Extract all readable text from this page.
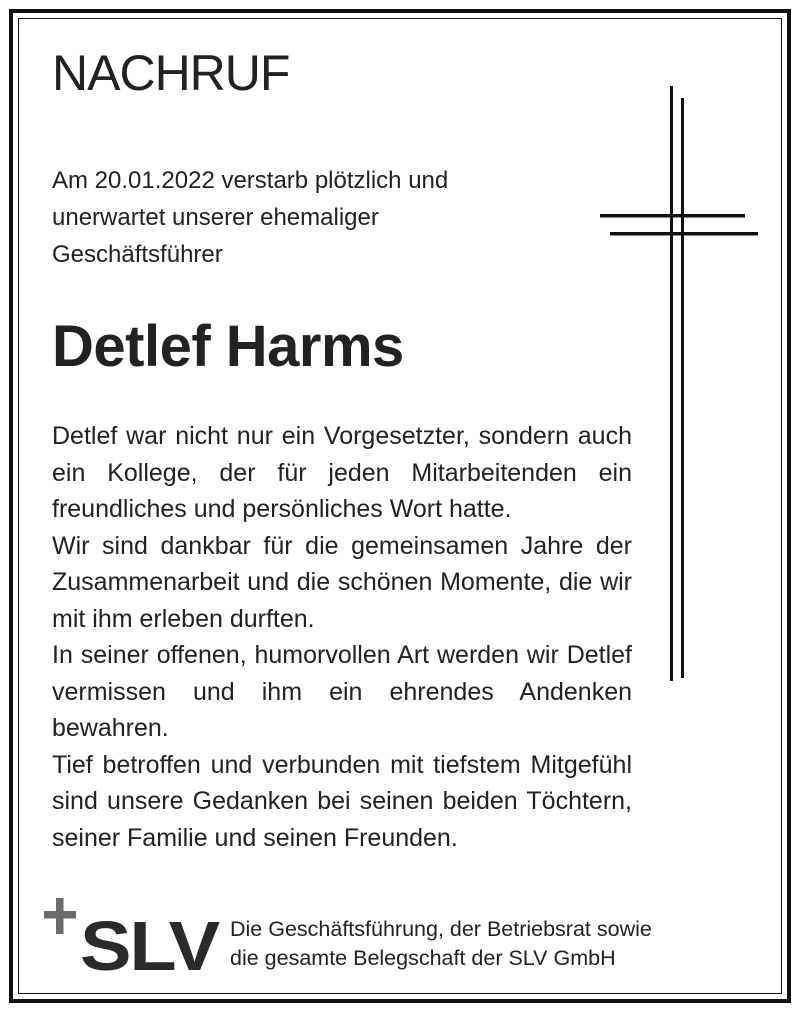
NACHRUF

Am 20.01.2022 verstarb plötzlich und unerwartet unserer ehemaliger Geschäftsführer

Detlef Harms

Detlef war nicht nur ein Vorgesetzter, sondern auch ein Kollege, der für jeden Mitarbeitenden ein freundliches und persönliches Wort hatte.

Wir sind dankbar für die gemeinsamen Jahre der Zusammenarbeit und die schönen Momente, die wir mit ihm erleben durften.

In seiner offenen, humorvollen Art werden wir Detlef vermissen und ihm ein ehrendes Andenken bewahren.

Tief betroffen und verbunden mit tiefstem Mitgefühl sind unsere Gedanken bei seinen beiden Töchtern, seiner Familie und seinen Freunden.

SLV Die Geschäftsführung, der Betriebsrat sowie
die gesamte Belegschaft der SLV GmbH
